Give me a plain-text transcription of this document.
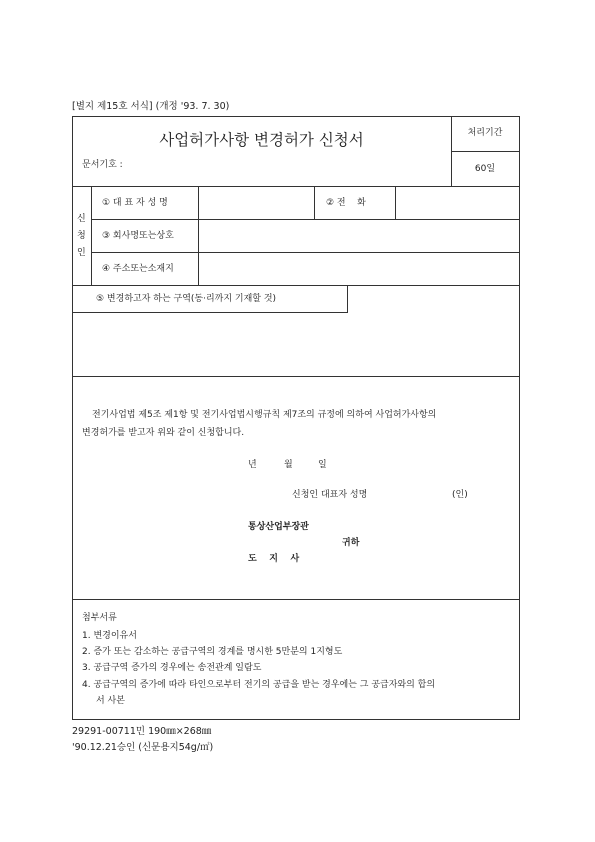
[별지 제15호 서식] (개정 '93. 7. 30)
사업허가사항 변경허가 신청서
문서기호 :
처리기간
60일
신
청
인
① 대 표 자 성 명	② 전    화
③ 회사명또는상호
④ 주소또는소재지
⑤ 변경하고자 하는 구역(동·리까지 기재할 것)
전기사업법 제5조 제1항 및 전기사업법시행규칙 제7조의 규정에 의하여 사업허가사항의
변경허가를 받고자 위와 같이 신청합니다.
년	월	일
신청인 대표자 성명	(인)
통상산업부장관
귀하
도    지    사
첨부서류
1. 변경이유서
2. 증가 또는 감소하는 공급구역의 경계를 명시한 5만분의 1지형도
3. 공급구역 증가의 경우에는 송전관계 일람도
4. 공급구역의 증가에 따라 타인으로부터 전기의 공급을 받는 경우에는 그 공급자와의 합의
서 사본
29291-00711민 190㎜×268㎜
'90.12.21승인 (신문용지54g/㎡)
